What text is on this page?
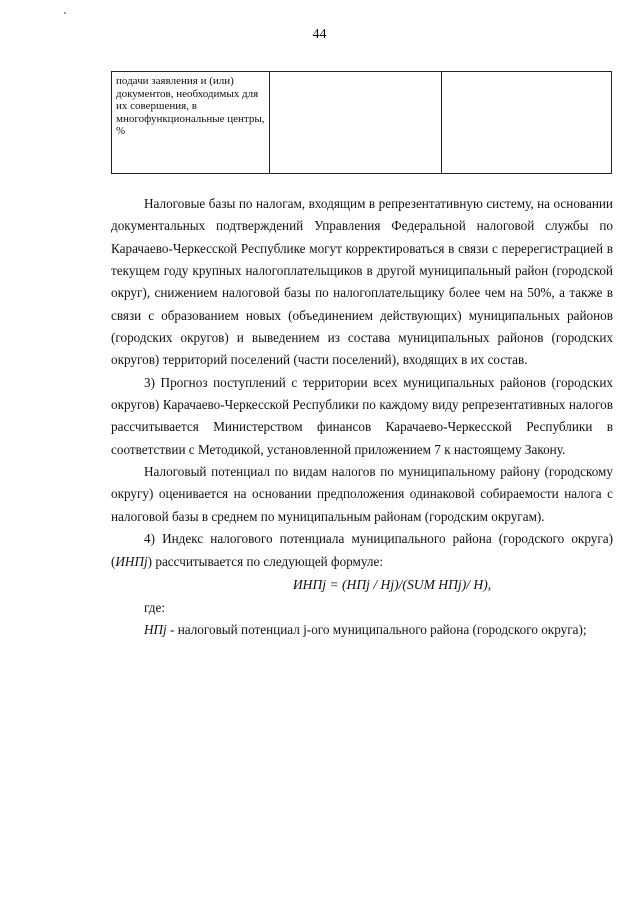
44
подачи заявления и (или) документов, необходимых для их совершения, в многофункциональные центры, %		

Налоговые базы по налогам, входящим в репрезентативную систему, на основании документальных подтверждений Управления Федеральной налоговой службы по Карачаево-Черкесской Республике могут корректироваться в связи с перерегистрацией в текущем году крупных налогоплательщиков в другой муниципальный район (городской округ), снижением налоговой базы по налогоплательщику более чем на 50%, а также в связи с образованием новых (объединением действующих) муниципальных районов (городских округов) и выведением из состава муниципальных районов (городских округов) территорий поселений (части поселений), входящих в их состав.

3) Прогноз поступлений с территории всех муниципальных районов (городских округов) Карачаево-Черкесской Республики по каждому виду репрезентативных налогов рассчитывается Министерством финансов Карачаево-Черкесской Республики в соответствии с Методикой, установленной приложением 7 к настоящему Закону.

Налоговый потенциал по видам налогов по муниципальному району (городскому округу) оценивается на основании предположения одинаковой собираемости налога с налоговой базы в среднем по муниципальным районам (городским округам).

4) Индекс налогового потенциала муниципального района (городского округа) (ИНПj) рассчитывается по следующей формуле:

ИНПj = (НПj / Hj)/(SUM НПj)/ Н),
где:

НПj - налоговый потенциал j-ого муниципального района (городского округа);
